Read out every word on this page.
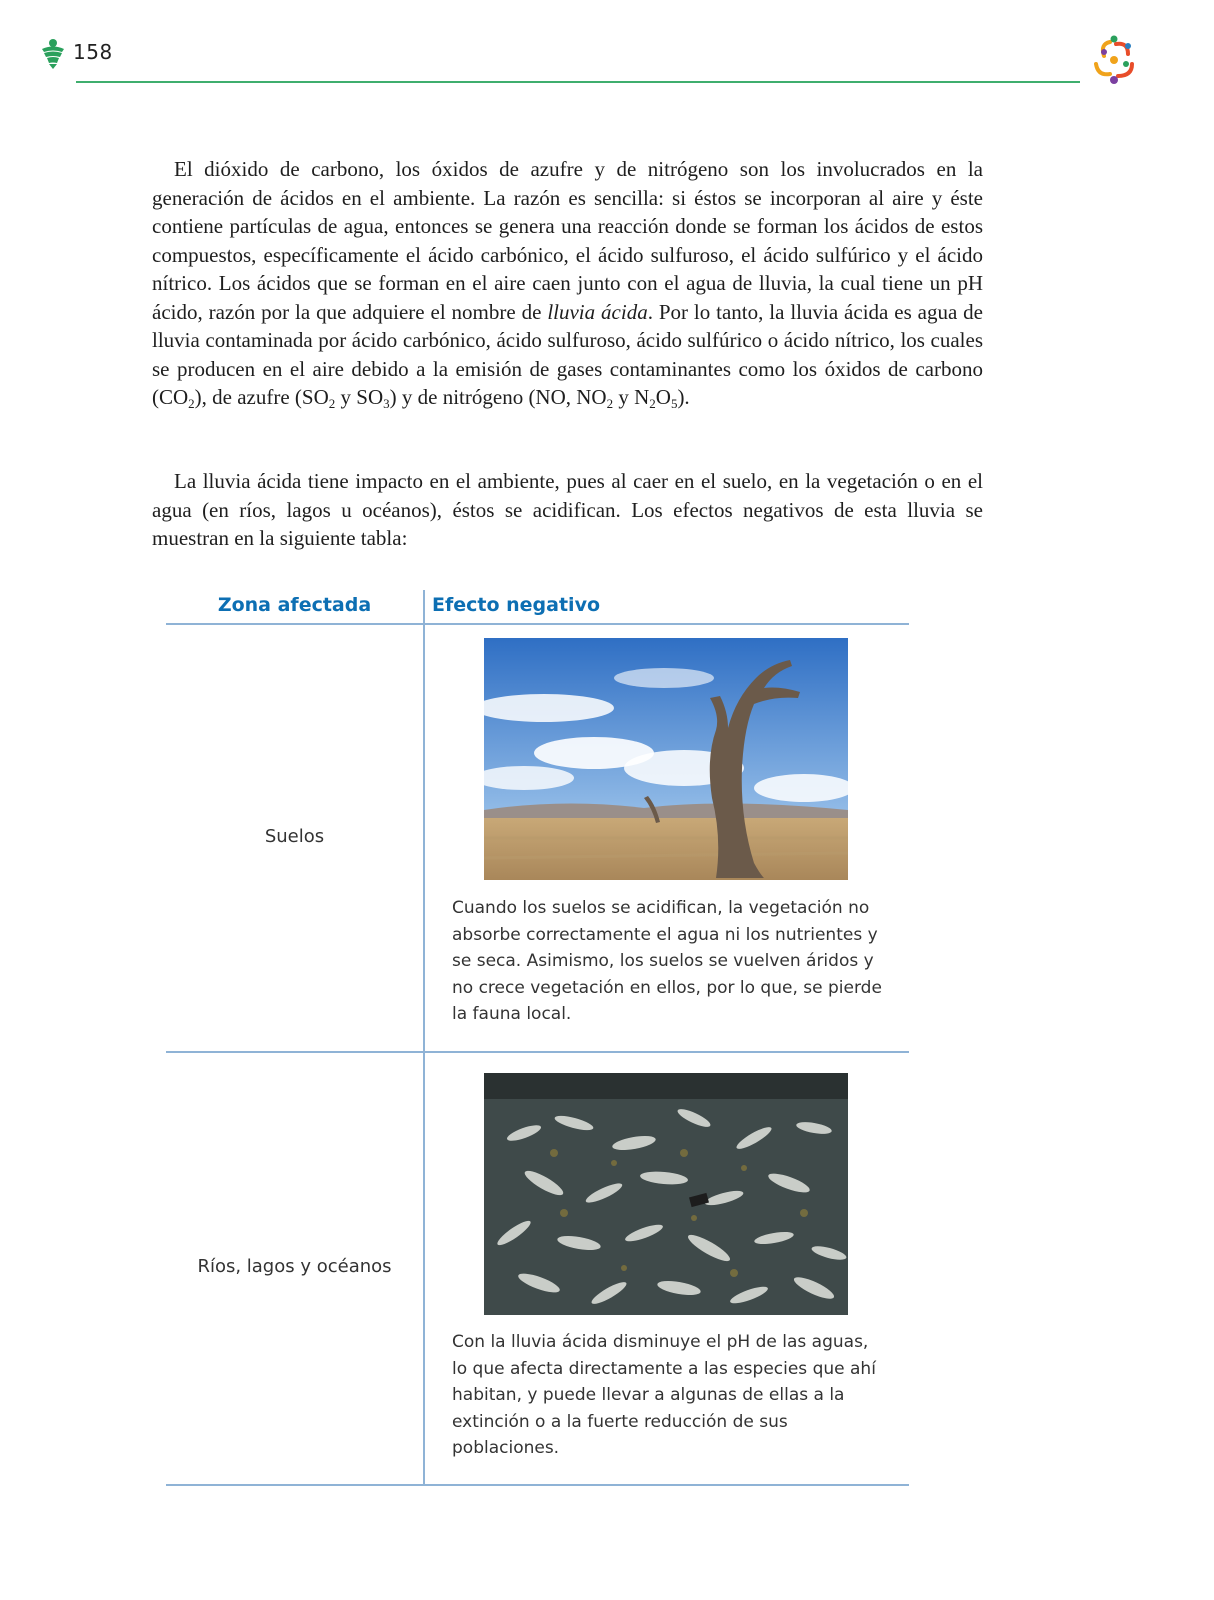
158

El dióxido de carbono, los óxidos de azufre y de nitrógeno son los involucrados en la generación de ácidos en el ambiente. La razón es sencilla: si éstos se incorporan al aire y éste contiene partículas de agua, entonces se genera una reacción donde se forman los ácidos de estos compuestos, específicamente el ácido carbónico, el ácido sulfuroso, el ácido sulfúrico y el ácido nítrico. Los ácidos que se forman en el aire caen junto con el agua de lluvia, la cual tiene un pH ácido, razón por la que adquiere el nombre de lluvia ácida. Por lo tanto, la lluvia ácida es agua de lluvia contaminada por ácido carbónico, ácido sulfuroso, ácido sulfúrico o ácido nítrico, los cuales se producen en el aire debido a la emisión de gases contaminantes como los óxidos de carbono $(CO_2)$, de azufre ($SO_2$ y $SO_3$) y de nitrógeno (NO, $NO_2$ y $N_2O_5$).

La lluvia ácida tiene impacto en el ambiente, pues al caer en el suelo, en la vegetación o en el agua (en ríos, lagos u océanos), éstos se acidifican. Los efectos negativos de esta lluvia se muestran en la siguiente tabla:

Zona afectada	Efecto negativo
Suelos

Cuando los suelos se acidifican, la vegetación no absorbe correctamente el agua ni los nutrientes y se seca. Asimismo, los suelos se vuelven áridos y no crece vegetación en ellos, por lo que, se pierde la fauna local.

Ríos, lagos y océanos

Con la lluvia ácida disminuye el pH de las aguas, lo que afecta directamente a las especies que ahí habitan, y puede llevar a algunas de ellas a la extinción o a la fuerte reducción de sus poblaciones.
